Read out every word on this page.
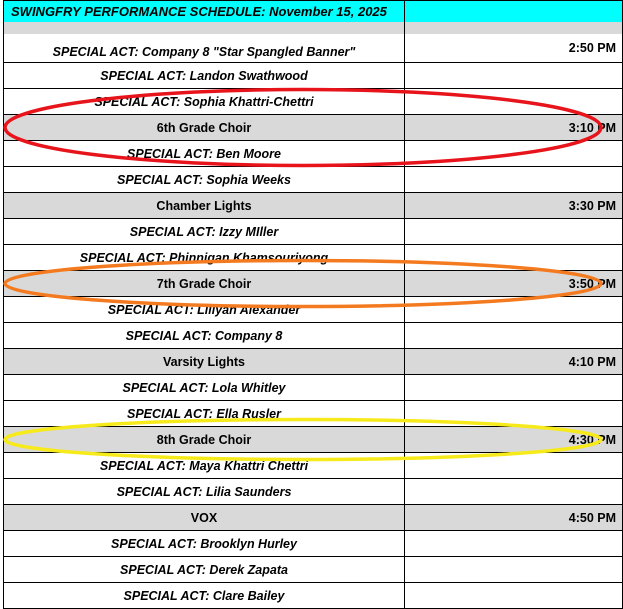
SWINGFRY PERFORMANCE SCHEDULE: November 15, 2025	

SPECIAL ACT: Company 8 "Star Spangled Banner"	2:50 PM
SPECIAL ACT: Landon Swathwood	
SPECIAL ACT: Sophia Khattri-Chettri	
6th Grade Choir	3:10 PM
SPECIAL ACT: Ben Moore	
SPECIAL ACT: Sophia Weeks	
Chamber Lights	3:30 PM
SPECIAL ACT: Izzy MIller	
SPECIAL ACT: Phinnigan Khamsouriyong	
7th Grade Choir	3:50 PM
SPECIAL ACT: Liliyah Alexander	
SPECIAL ACT: Company 8	
Varsity Lights	4:10 PM
SPECIAL ACT: Lola Whitley	
SPECIAL ACT: Ella Rusler	
8th Grade Choir	4:30 PM
SPECIAL ACT: Maya Khattri Chettri	
SPECIAL ACT: Lilia Saunders	
VOX	4:50 PM
SPECIAL ACT: Brooklyn Hurley	
SPECIAL ACT: Derek Zapata	
SPECIAL ACT: Clare Bailey	
